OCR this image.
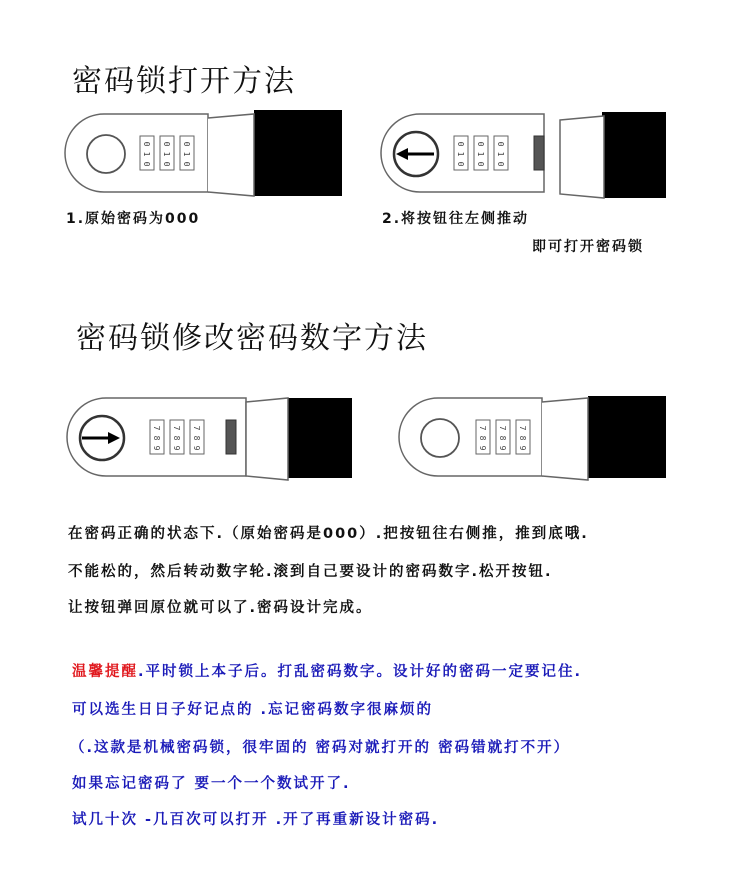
密码锁打开方法
0
1
0
0
1
0
0
1
0
1.原始密码为000
0
1
0
0
1
0
0
1
0
2.将按钮往左侧推动
即可打开密码锁
密码锁修改密码数字方法
7
8
9
7
8
9
7
8
9
7
8
9
7
8
9
7
8
9
在密码正确的状态下.（原始密码是000）.把按钮往右侧推，推到底哦.
不能松的，然后转动数字轮.滚到自己要设计的密码数字.松开按钮.
让按钮弹回原位就可以了.密码设计完成。
温馨提醒.平时锁上本子后。打乱密码数字。设计好的密码一定要记住.
可以选生日日子好记点的 .忘记密码数字很麻烦的
（.这款是机械密码锁，很牢固的 密码对就打开的 密码错就打不开）
如果忘记密码了 要一个一个数试开了.
试几十次 -几百次可以打开 .开了再重新设计密码.
